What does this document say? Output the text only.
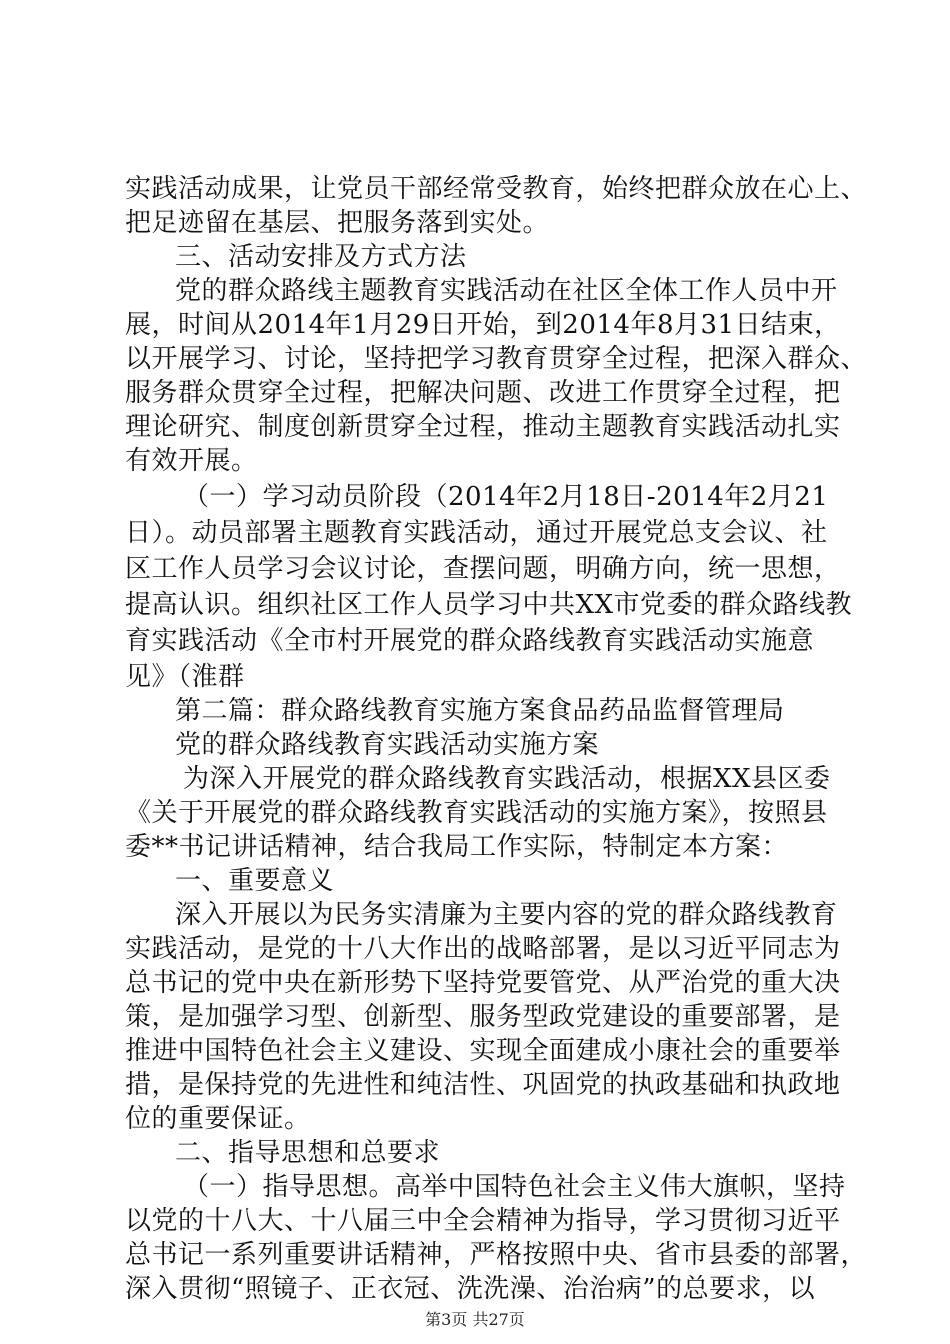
实践活动成果，让党员干部经常受教育，始终把群众放在心上、
把足迹留在基层、把服务落到实处。
三、活动安排及方式方法
党的群众路线主题教育实践活动在社区全体工作人员中开
展，时间从2014年1月29日开始，到2014年8月31日结束，
以开展学习、讨论，坚持把学习教育贯穿全过程，把深入群众、
服务群众贯穿全过程，把解决问题、改进工作贯穿全过程，把
理论研究、制度创新贯穿全过程，推动主题教育实践活动扎实
有效开展。
（一）学习动员阶段（2014年2月18日-2014年2月21
日）。动员部署主题教育实践活动，通过开展党总支会议、社
区工作人员学习会议讨论，查摆问题，明确方向，统一思想，
提高认识。组织社区工作人员学习中共XX市党委的群众路线教
育实践活动《全市村开展党的群众路线教育实践活动实施意
见》（淮群
第二篇：群众路线教育实施方案食品药品监督管理局
党的群众路线教育实践活动实施方案
为深入开展党的群众路线教育实践活动，根据XX县区委
《关于开展党的群众路线教育实践活动的实施方案》，按照县
委**书记讲话精神，结合我局工作实际，特制定本方案：
一、重要意义
深入开展以为民务实清廉为主要内容的党的群众路线教育
实践活动，是党的十八大作出的战略部署，是以习近平同志为
总书记的党中央在新形势下坚持党要管党、从严治党的重大决
策，是加强学习型、创新型、服务型政党建设的重要部署，是
推进中国特色社会主义建设、实现全面建成小康社会的重要举
措，是保持党的先进性和纯洁性、巩固党的执政基础和执政地
位的重要保证。
二、指导思想和总要求
（一）指导思想。高举中国特色社会主义伟大旗帜，坚持
以党的十八大、十八届三中全会精神为指导，学习贯彻习近平
总书记一系列重要讲话精神，严格按照中央、省市县委的部署，
深入贯彻“照镜子、正衣冠、洗洗澡、治治病”的总要求，以
第3页 共27页
